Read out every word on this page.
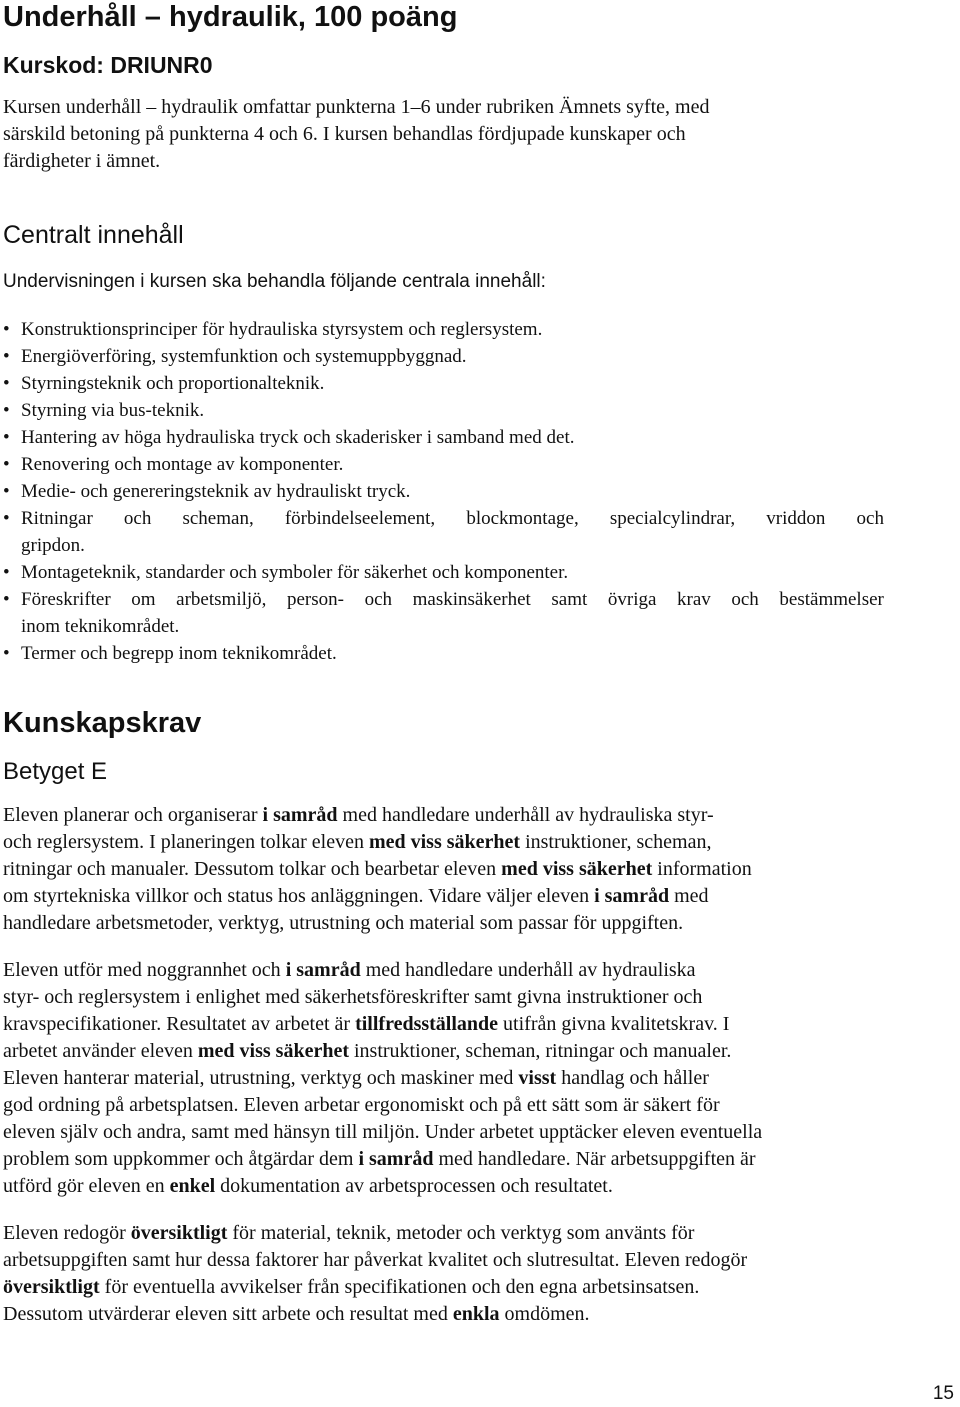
Underhåll – hydraulik, 100 poäng
Kurskod: DRIUNR0

Kursen underhåll – hydraulik omfattar punkterna 1–6 under rubriken Ämnets syfte, med
särskild betoning på punkterna 4 och 6. I kursen behandlas fördjupade kunskaper och
färdigheter i ämnet.

Centralt innehåll

Undervisningen i kursen ska behandla följande centrala innehåll:

• Konstruktionsprinciper för hydrauliska styrsystem och reglersystem.
• Energiöverföring, systemfunktion och systemuppbyggnad.
• Styrningsteknik och proportionalteknik.
• Styrning via bus-teknik.
• Hantering av höga hydrauliska tryck och skaderisker i samband med det.
• Renovering och montage av komponenter.
• Medie- och genereringsteknik av hydrauliskt tryck.
• Ritningar och scheman, förbindelseelement, blockmontage, specialcylindrar, vriddon och
gripdon.
• Montageteknik, standarder och symboler för säkerhet och komponenter.
• Föreskrifter om arbetsmiljö, person- och maskinsäkerhet samt övriga krav och bestämmelser
inom teknikområdet.
• Termer och begrepp inom teknikområdet.
Kunskapskrav
Betyget E

Eleven planerar och organiserar i samråd med handledare underhåll av hydrauliska styr-
och reglersystem. I planeringen tolkar eleven med viss säkerhet instruktioner, scheman,
ritningar och manualer. Dessutom tolkar och bearbetar eleven med viss säkerhet information
om styrtekniska villkor och status hos anläggningen. Vidare väljer eleven i samråd med
handledare arbetsmetoder, verktyg, utrustning och material som passar för uppgiften.

Eleven utför med noggrannhet och i samråd med handledare underhåll av hydrauliska
styr- och reglersystem i enlighet med säkerhetsföreskrifter samt givna instruktioner och
kravspecifikationer. Resultatet av arbetet är tillfredsställande utifrån givna kvalitetskrav. I
arbetet använder eleven med viss säkerhet instruktioner, scheman, ritningar och manualer.
Eleven hanterar material, utrustning, verktyg och maskiner med visst handlag och håller
god ordning på arbetsplatsen. Eleven arbetar ergonomiskt och på ett sätt som är säkert för
eleven själv och andra, samt med hänsyn till miljön. Under arbetet upptäcker eleven eventuella
problem som uppkommer och åtgärdar dem i samråd med handledare. När arbetsuppgiften är
utförd gör eleven en enkel dokumentation av arbetsprocessen och resultatet.

Eleven redogör översiktligt för material, teknik, metoder och verktyg som använts för
arbetsuppgiften samt hur dessa faktorer har påverkat kvalitet och slutresultat. Eleven redogör
översiktligt för eventuella avvikelser från specifikationen och den egna arbetsinsatsen.
Dessutom utvärderar eleven sitt arbete och resultat med enkla omdömen.

15
